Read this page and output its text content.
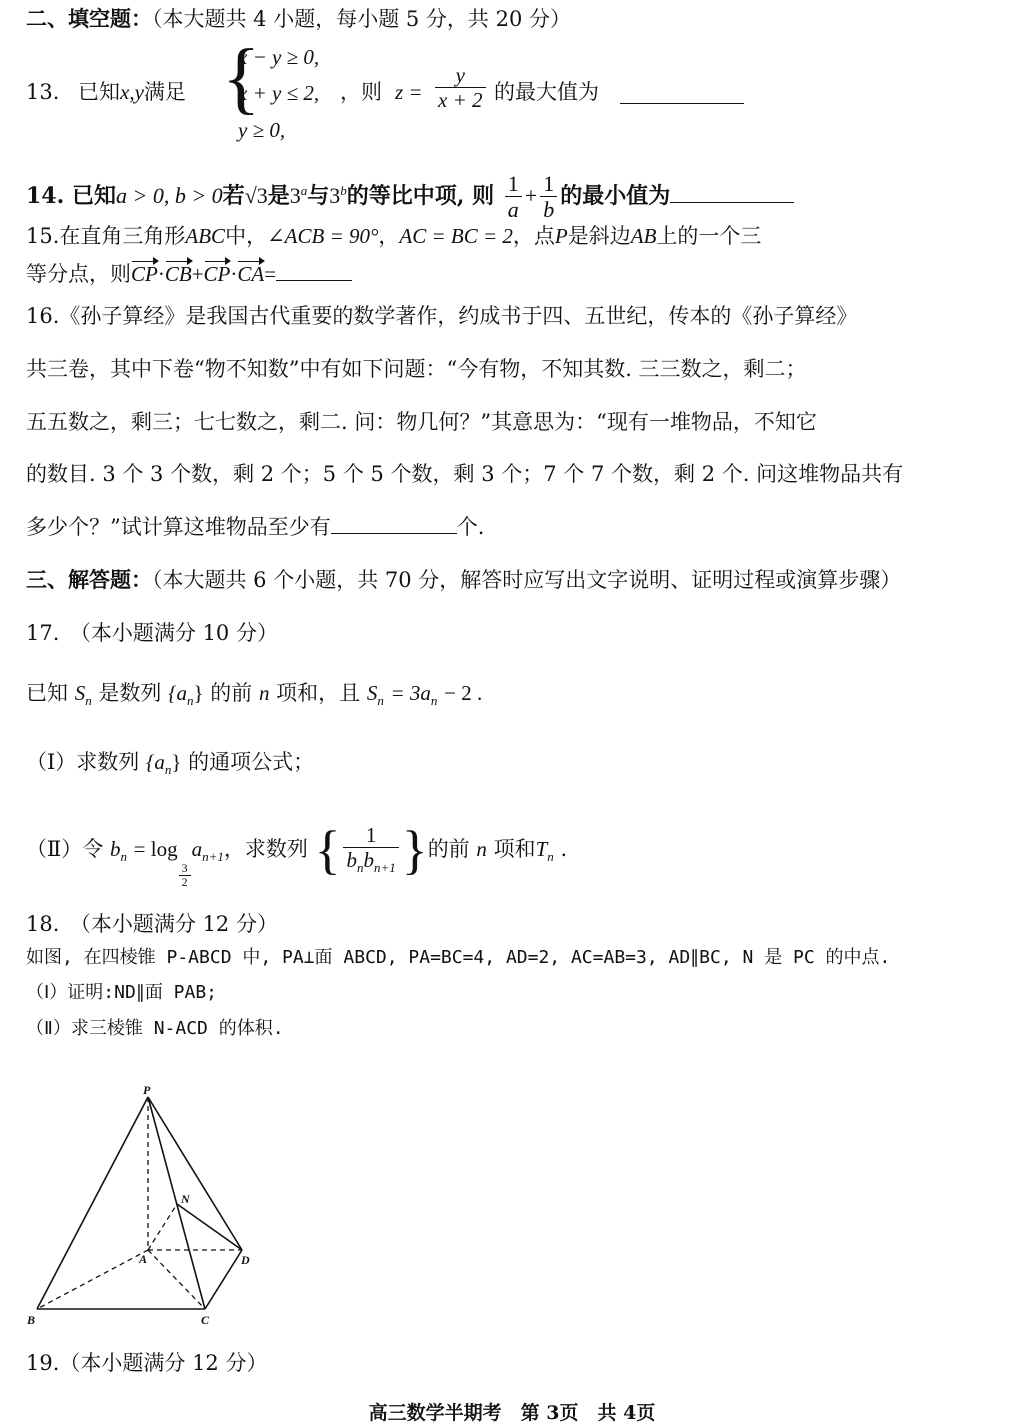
二、填空题：（本大题共 4 小题，每小题 5 分，共 20 分）
13. 已知x,y满足 {
x − y ≥ 0,
x + y ≤ 2,
y ≥ 0,
，则 $z = \frac{y}{x + 2}$ 的最大值为
14. 已知a > 0, b > 0若√3是3$^a$与3$^b$的等比中项, 则 $\frac{1}{a} + \frac{1}{b}$ 的最小值为
15.在直角三角形ABC中，∠ACB = 90°，AC = BC = 2，点P是斜边AB上的一个三
等分点，则CP·CB+CP·CA=
16.《孙子算经》是我国古代重要的数学著作，约成书于四、五世纪，传本的《孙子算经》
共三卷，其中下卷“物不知数”中有如下问题：“今有物，不知其数. 三三数之，剩二；
五五数之，剩三；七七数之，剩二. 问：物几何？”其意思为：“现有一堆物品，不知它
的数目. 3 个 3 个数，剩 2 个；5 个 5 个数，剩 3 个；7 个 7 个数，剩 2 个. 问这堆物品共有
多少个？”试计算这堆物品至少有	个.
三、解答题：（本大题共 6 个小题，共 70 分，解答时应写出文字说明、证明过程或演算步骤）
17.　（本小题满分 10 分）
已知 $S_n$ 是数列 $\{a_n\}$ 的前 n 项和，且 $S_n = 3a_n - 2$ .
（Ⅰ）求数列 $\{a_n\}$ 的通项公式；
（Ⅱ）令 $b_n = \log$
$\frac{3}{2}$
$a_{n+1}$，求数列 { $\frac{1}{b_nb_{n+1}}$ }的前 n 项和$T_n$ .
18.　（本小题满分 12 分）
如图, 在四棱锥 P-ABCD 中, PA⊥面 ABCD, PA=BC=4, AD=2, AC=AB=3, AD∥BC, N 是 PC 的中点.
（Ⅰ）证明:ND∥面 PAB;
（Ⅱ）求三棱锥 N-ACD 的体积.
P
N
A	D
B	C
19.（本小题满分 12 分）
高三数学半期考　第 3页　共 4页
